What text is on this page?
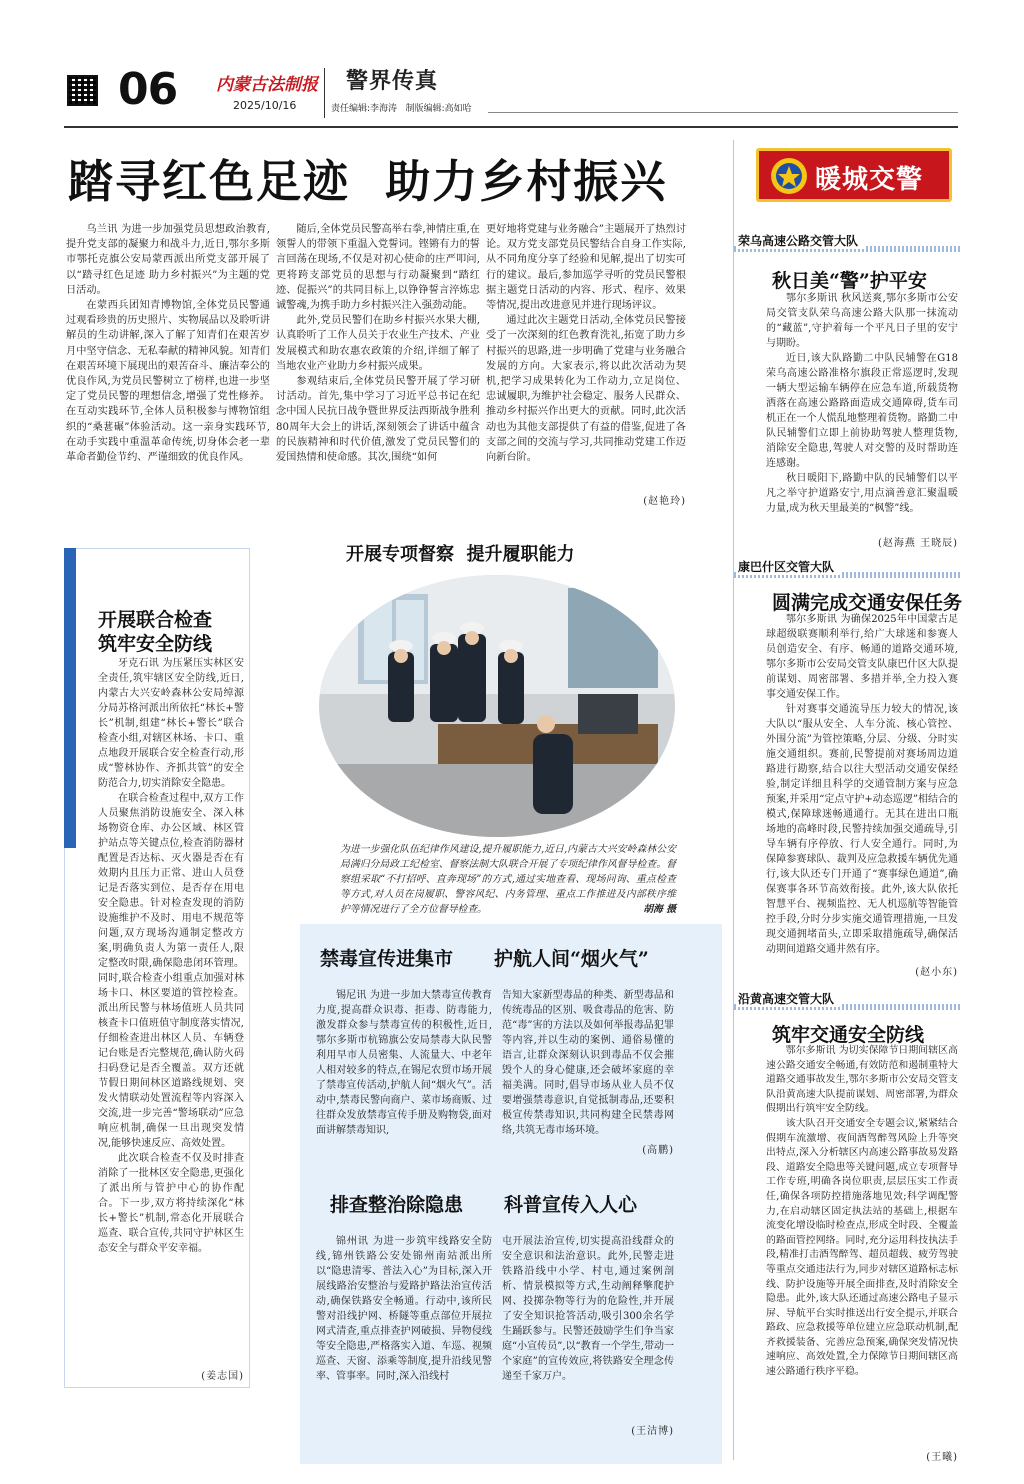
06 内蒙古法制报
2025/10/16
警界传真
责任编辑:李海涛   制版编辑:高如哈
踏寻红色足迹  助力乡村振兴

乌兰讯 为进一步加强党员思想政治教育,提升党支部的凝聚力和战斗力,近日,鄂尔多斯市鄂托克旗公安局蒙西派出所党支部开展了以“踏寻红色足迹 助力乡村振兴”为主题的党日活动。

在蒙西兵团知青博物馆,全体党员民警通过观看珍贵的历史照片、实物展品以及聆听讲解员的生动讲解,深入了解了知青们在艰苦岁月中坚守信念、无私奉献的精神风貌。知青们在艰苦环境下展现出的艰苦奋斗、廉洁奉公的优良作风,为党员民警树立了榜样,也进一步坚定了党员民警的理想信念,增强了党性修养。在互动实践环节,全体人员积极参与博物馆组织的“桑葚碾”体验活动。这一亲身实践环节,在动手实践中重温革命传统,切身体会老一辈革命者勤俭节约、严谨细致的优良作风。

随后,全体党员民警高举右拳,神情庄重,在领誓人的带领下重温入党誓词。铿锵有力的誓言回荡在现场,不仅是对初心使命的庄严叩问,更将跨支部党员的思想与行动凝聚到“踏红迹、促振兴”的共同目标上,以铮铮誓言淬炼忠诚警魂,为携手助力乡村振兴注入强劲动能。

此外,党员民警们在助乡村振兴水果大棚,认真聆听了工作人员关于农业生产技术、产业发展模式和助农惠农政策的介绍,详细了解了当地农业产业助力乡村振兴成果。

参观结束后,全体党员民警开展了学习研讨活动。首先,集中学习了习近平总书记在纪念中国人民抗日战争暨世界反法西斯战争胜利80周年大会上的讲话,深刻领会了讲话中蕴含的民族精神和时代价值,激发了党员民警们的爱国热情和使命感。其次,围绕“如何

更好地将党建与业务融合”主题展开了热烈讨论。双方党支部党员民警结合自身工作实际,从不同角度分享了经验和见解,提出了切实可行的建议。最后,参加巡学寻听的党员民警根据主题党日活动的内容、形式、程序、效果等情况,提出改进意见并进行现场评议。

通过此次主题党日活动,全体党员民警接受了一次深刻的红色教育洗礼,拓宽了助力乡村振兴的思路,进一步明确了党建与业务融合发展的方向。大家表示,将以此次活动为契机,把学习成果转化为工作动力,立足岗位、忠诚履职,为维护社会稳定、服务人民群众、推动乡村振兴作出更大的贡献。同时,此次活动也为其他支部提供了有益的借鉴,促进了各支部之间的交流与学习,共同推动党建工作迈向新台阶。

(赵艳玲)
开展联合检查
筑牢安全防线

牙克石讯 为压紧压实林区安全责任,筑牢辖区安全防线,近日,内蒙古大兴安岭森林公安局绰源分局苏格河派出所依托“林长+警长”机制,组建“林长+警长”联合检查小组,对辖区林场、卡口、重点地段开展联合安全检查行动,形成“警林协作、齐抓共管”的安全防范合力,切实消除安全隐患。

在联合检查过程中,双方工作人员聚焦消防设施安全、深入林场物资仓库、办公区域、林区管护站点等关键点位,检查消防器材配置是否达标、灭火器是否在有效期内且压力正常、进山人员登记是否落实到位、是否存在用电安全隐患。针对检查发现的消防设施维护不及时、用电不规范等问题,双方现场沟通制定整改方案,明确负责人为第一责任人,限定整改时限,确保隐患闭环管理。同时,联合检查小组重点加强对林场卡口、林区要道的管控检查。派出所民警与林场值班人员共同核查卡口值班值守制度落实情况,仔细检查进出林区人员、车辆登记台账是否完整规范,确认防火码扫码登记是否全覆盖。双方还就节假日期间林区道路线规划、突发火情联动处置流程等内容深入交流,进一步完善“警场联动”应急响应机制,确保一旦出现突发情况,能够快速反应、高效处置。

此次联合检查不仅及时排查消除了一批林区安全隐患,更强化了派出所与管护中心的协作配合。下一步,双方将持续深化“林长+警长”机制,常态化开展联合巡查、联合宣传,共同守护林区生态安全与群众平安幸福。

(姜志国)
开展专项督察  提升履职能力
为进一步强化队伍纪律作风建设,提升履职能力,近日,内蒙古大兴安岭森林公安局满归分局政工纪检室、督察法制大队联合开展了专项纪律作风督导检查。督察组采取“不打招呼、直奔现场”的方式,通过实地查看、现场问询、重点检查等方式,对人员在岗履职、警容风纪、内务管理、重点工作推进及内部秩序维护等情况进行了全方位督导检查。	胡海 摄
禁毒宣传进集市 护航人间“烟火气”
锡尼讯 为进一步加大禁毒宣传教育力度,提高群众识毒、拒毒、防毒能力,激发群众参与禁毒宣传的积极性,近日,鄂尔多斯市杭锦旗公安局禁毒大队民警利用早市人员密集、人流量大、中老年人相对较多的特点,在锡尼农贸市场开展了禁毒宣传活动,护航人间“烟火气”。活动中,禁毒民警向商户、菜市场商贩、过往群众发放禁毒宣传手册及购物袋,面对面讲解禁毒知识,
告知大家新型毒品的种类、新型毒品和传统毒品的区别、吸食毒品的危害、防范“毒”害的方法以及如何举报毒品犯罪等内容,并以生动的案例、通俗易懂的语言,让群众深刻认识到毒品不仅会摧毁个人的身心健康,还会破坏家庭的幸福美满。同时,倡导市场从业人员不仅要增强禁毒意识,自觉抵制毒品,还要积极宣传禁毒知识,共同构建全民禁毒网络,共筑无毒市场环境。
(高鹏)
排查整治除隐患 科普宣传入人心
锦州讯 为进一步筑牢线路安全防线,锦州铁路公安处锦州南站派出所以“隐患清零、普法入心”为目标,深入开展线路治安整治与爱路护路法治宣传活动,确保铁路安全畅通。行动中,该所民警对沿线护网、桥隧等重点部位开展拉网式清查,重点排查护网破损、异物侵线等安全隐患,严格落实入道、车巡、视频巡查、天窗、添乘等制度,提升沿线见警率、管事率。同时,深入沿线村
屯开展法治宣传,切实提高沿线群众的安全意识和法治意识。此外,民警走进铁路沿线中小学、村屯,通过案例剖析、情景模拟等方式,生动阐释擎爬护网、投掷杂物等行为的危险性,并开展了安全知识抢答活动,吸引300余名学生踊跃参与。民警还鼓励学生们争当家庭“小宣传员”,以“教育一个学生,带动一个家庭”的宣传效应,将铁路安全理念传递至千家万户。
(王洁博)
暖城交警
荣乌高速公路交管大队
秋日美“警”护平安

鄂尔多斯讯 秋风送爽,鄂尔多斯市公安局交管支队荣乌高速公路大队那一抹流动的“藏蓝”,守护着每一个平凡日子里的安宁与期盼。

近日,该大队路勤二中队民辅警在G18荣乌高速公路准格尔旗段正常巡逻时,发现一辆大型运输车辆停在应急车道,所载货物洒落在高速公路路面造成交通障碍,货车司机正在一个人慌乱地整理着货物。路勤二中队民辅警们立即上前协助驾驶人整理货物,消除安全隐患,驾驶人对交警的及时帮助连连感谢。

秋日暖阳下,路勤中队的民辅警们以平凡之举守护道路安宁,用点滴善意汇聚温暖力量,成为秋天里最美的“枫警”线。

(赵海燕 王晓辰)
康巴什区交管大队
圆满完成交通安保任务

鄂尔多斯讯 为确保2025年中国蒙古足球超级联赛顺利举行,给广大球迷和参赛人员创造安全、有序、畅通的道路交通环境,鄂尔多斯市公安局交管支队康巴什区大队提前谋划、周密部署、多措并举,全力投入赛事交通安保工作。

针对赛事交通流导压力较大的情况,该大队以“服从安全、人车分流、核心管控、外围分流”为管控策略,分层、分级、分时实施交通组织。赛前,民警提前对赛场周边道路进行勘察,结合以往大型活动交通安保经验,制定详细且科学的交通管制方案与应急预案,并采用“定点守护+动态巡逻”相结合的模式,保障球迷畅通通行。无其在进出口瓶场地的高峰时段,民警持续加强交通疏导,引导车辆有序停放、行人安全通行。同时,为保障参赛球队、裁判及应急救援车辆优先通行,该大队还专门开通了“赛事绿色通道”,确保赛事各环节高效衔接。此外,该大队依托智慧平台、视频监控、无人机巡航等智能管控手段,分时分步实施交通管理措施,一旦发现交通拥堵苗头,立即采取措施疏导,确保活动期间道路交通井然有序。

(赵小东)
沿黄高速交管大队
筑牢交通安全防线

鄂尔多斯讯 为切实保障节日期间辖区高速公路交通安全畅通,有效防范和遏制重特大道路交通事故发生,鄂尔多斯市公安局交管支队沿黄高速大队提前谋划、周密部署,为群众假期出行筑牢安全防线。

该大队召开交通安全专题会议,紧紧结合假期车流激增、夜间酒驾醉驾风险上升等突出特点,深入分析辖区内高速公路事故易发路段、道路安全隐患等关键问题,成立专项督导工作专班,明确各岗位职责,层层压实工作责任,确保各项防控措施落地见效;科学调配警力,在启动辖区固定执法站的基础上,根据车流变化增设临时检查点,形成全时段、全覆盖的路面管控网络。同时,充分运用科技执法手段,精准打击酒驾醉驾、超员超载、疲劳驾驶等重点交通违法行为,同步对辖区道路标志标线、防护设施等开展全面排查,及时消除安全隐患。此外,该大队还通过高速公路电子显示屏、导航平台实时推送出行安全提示,并联合路政、应急救援等单位建立应急联动机制,配齐救援装备、完善应急预案,确保突发情况快速响应、高效处置,全力保障节日期间辖区高速公路通行秩序平稳。

(王曦)
